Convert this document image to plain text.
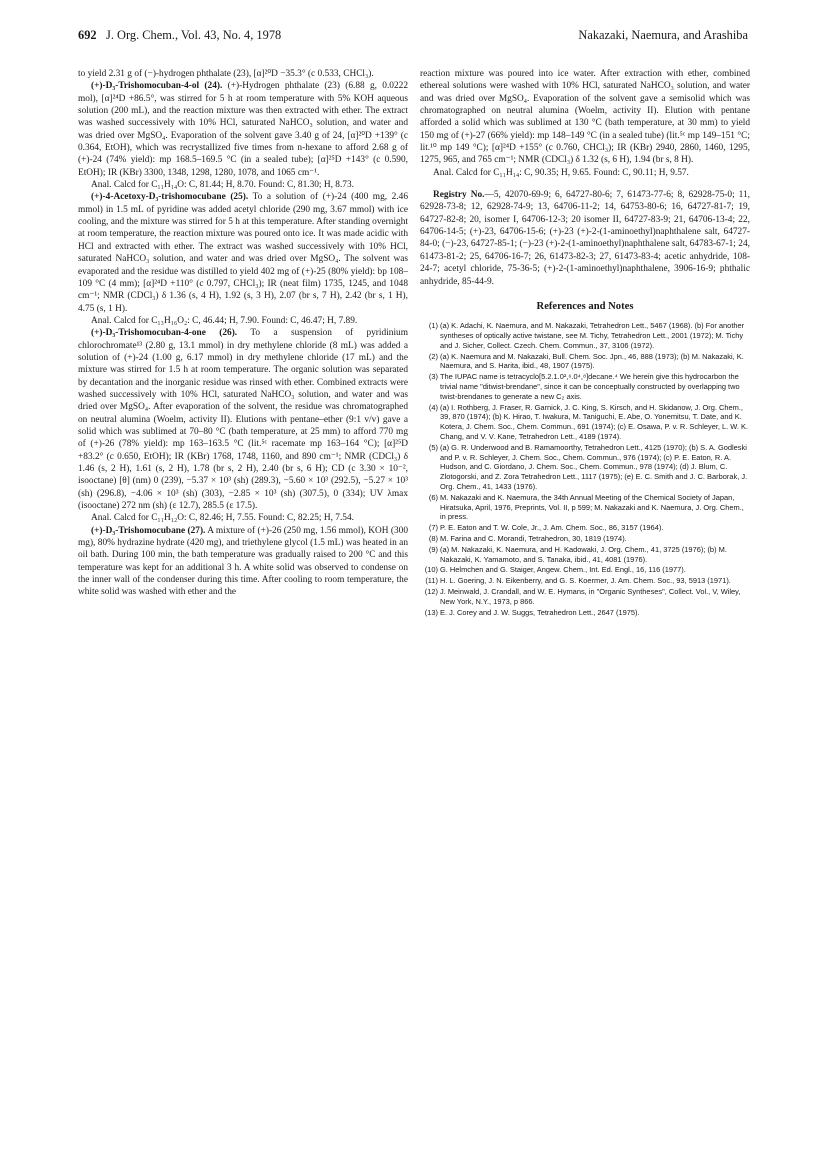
692 J. Org. Chem., Vol. 43, No. 4, 1978	Nakazaki, Naemura, and Arashiba

to yield 2.31 g of (−)-hydrogen phthalate (23), [α]²⁰D −35.3° (c 0.533, CHCl₃).

(+)-D₃-Trishomocuban-4-ol (24). (+)-Hydrogen phthalate (23) (6.88 g, 0.0222 mol), [α]²⁴D +86.5°, was stirred for 5 h at room temperature with 5% KOH aqueous solution (200 mL), and the reaction mixture was then extracted with ether. The extract was washed successively with 10% HCl, saturated NaHCO₃ solution, and water and was dried over MgSO₄. Evaporation of the solvent gave 3.40 g of 24, [α]²⁰D +139° (c 0.364, EtOH), which was recrystallized five times from n-hexane to afford 2.68 g of (+)-24 (74% yield): mp 168.5–169.5 °C (in a sealed tube); [α]²⁵D +143° (c 0.590, EtOH); IR (KBr) 3300, 1348, 1298, 1280, 1078, and 1065 cm⁻¹.

Anal. Calcd for C₁₁H₁₄O: C, 81.44; H, 8.70. Found: C, 81.30; H, 8.73.

(+)-4-Acetoxy-D₃-trishomocubane (25). To a solution of (+)-24 (400 mg, 2.46 mmol) in 1.5 mL of pyridine was added acetyl chloride (290 mg, 3.67 mmol) with ice cooling, and the mixture was stirred for 5 h at this temperature. After standing overnight at room temperature, the reaction mixture was poured onto ice. It was made acidic with HCl and extracted with ether. The extract was washed successively with 10% HCl, saturated NaHCO₃ solution, and water and was dried over MgSO₄. The solvent was evaporated and the residue was distilled to yield 402 mg of (+)-25 (80% yield): bp 108–109 °C (4 mm); [α]²⁴D +110° (c 0.797, CHCl₃); IR (neat film) 1735, 1245, and 1048 cm⁻¹; NMR (CDCl₃) δ 1.36 (s, 4 H), 1.92 (s, 3 H), 2.07 (br s, 7 H), 2.42 (br s, 1 H), 4.75 (s, 1 H).

Anal. Calcd for C₁₃H₁₆O₂: C, 46.44; H, 7.90. Found: C, 46.47; H, 7.89.

(+)-D₃-Trishomocuban-4-one (26). To a suspension of pyridinium chlorochromate¹³ (2.80 g, 13.1 mmol) in dry methylene chloride (8 mL) was added a solution of (+)-24 (1.00 g, 6.17 mmol) in dry methylene chloride (17 mL) and the mixture was stirred for 1.5 h at room temperature. The organic solution was separated by decantation and the inorganic residue was rinsed with ether. Combined extracts were washed successively with 10% HCl, saturated NaHCO₃ solution, and water and was dried over MgSO₄. After evaporation of the solvent, the residue was chromatographed on neutral alumina (Woelm, activity II). Elutions with pentane–ether (9:1 v/v) gave a solid which was sublimed at 70–80 °C (bath temperature, at 25 mm) to afford 770 mg of (+)-26 (78% yield): mp 163–163.5 °C (lit.⁵ᶜ racemate mp 163–164 °C); [α]²⁵D +83.2° (c 0.650, EtOH); IR (KBr) 1768, 1748, 1160, and 890 cm⁻¹; NMR (CDCl₃) δ 1.46 (s, 2 H), 1.61 (s, 2 H), 1.78 (br s, 2 H), 2.40 (br s, 6 H); CD (c 3.30 × 10⁻², isooctane) [θ] (nm) 0 (239), −5.37 × 10³ (sh) (289.3), −5.60 × 10³ (292.5), −5.27 × 10³ (sh) (296.8), −4.06 × 10³ (sh) (303), −2.85 × 10³ (sh) (307.5), 0 (334); UV λmax (isooctane) 272 nm (sh) (ε 12.7), 285.5 (ε 17.5).

Anal. Calcd for C₁₁H₁₂O: C, 82.46; H, 7.55. Found: C, 82.25; H, 7.54.

(+)-D₃-Trishomocubane (27). A mixture of (+)-26 (250 mg, 1.56 mmol), KOH (300 mg), 80% hydrazine hydrate (420 mg), and triethylene glycol (1.5 mL) was heated in an oil bath. During 100 min, the bath temperature was gradually raised to 200 °C and this temperature was kept for an additional 3 h. A white solid was observed to condense on the inner wall of the condenser during this time. After cooling to room temperature, the white solid was washed with ether and the

reaction mixture was poured into ice water. After extraction with ether, combined ethereal solutions were washed with 10% HCl, saturated NaHCO₃ solution, and water and was dried over MgSO₄. Evaporation of the solvent gave a semisolid which was chromatographed on neutral alumina (Woelm, activity II). Elution with pentane afforded a solid which was sublimed at 130 °C (bath temperature, at 30 mm) to yield 150 mg of (+)-27 (66% yield): mp 148–149 °C (in a sealed tube) (lit.⁵ᶜ mp 149–151 °C; lit.¹⁰ mp 149 °C); [α]²⁴D +155° (c 0.760, CHCl₃); IR (KBr) 2940, 2860, 1460, 1295, 1275, 965, and 765 cm⁻¹; NMR (CDCl₃) δ 1.32 (s, 6 H), 1.94 (br s, 8 H).

Anal. Calcd for C₁₁H₁₄: C, 90.35; H, 9.65. Found: C, 90.11; H, 9.57.

Registry No.—5, 42070-69-9; 6, 64727-80-6; 7, 61473-77-6; 8, 62928-75-0; 11, 62928-73-8; 12, 62928-74-9; 13, 64706-11-2; 14, 64753-80-6; 16, 64727-81-7; 19, 64727-82-8; 20, isomer I, 64706-12-3; 20 isomer II, 64727-83-9; 21, 64706-13-4; 22, 64706-14-5; (+)-23, 64706-15-6; (+)-23 (+)-2-(1-aminoethyl)naphthalene salt, 64727-84-0; (−)-23, 64727-85-1; (−)-23 (+)-2-(1-aminoethyl)naphthalene salt, 64783-67-1; 24, 61473-81-2; 25, 64706-16-7; 26, 61473-82-3; 27, 61473-83-4; acetic anhydride, 108-24-7; acetyl chloride, 75-36-5; (+)-2-(1-aminoethyl)naphthalene, 3906-16-9; phthalic anhydride, 85-44-9.

References and Notes
(1) (a) K. Adachi, K. Naemura, and M. Nakazaki, Tetrahedron Lett., 5467 (1968). (b) For another syntheses of optically active twistane, see M. Tichy, Tetrahedron Lett., 2001 (1972); M. Tichy and J. Sicher, Collect. Czech. Chem. Commun., 37, 3106 (1972).
(2) (a) K. Naemura and M. Nakazaki, Bull. Chem. Soc. Jpn., 46, 888 (1973); (b) M. Nakazaki, K. Naemura, and S. Harita, ibid., 48, 1907 (1975).
(3) The IUPAC name is tetracyclo[5.2.1.0²,⁶.0⁴,⁸]decane.⁴ We herein give this hydrocarbon the trivial name "ditwist-brendane", since it can be conceptually constructed by overlapping two twist-brendanes to generate a new C₂ axis.
(4) (a) I. Rothberg, J. Fraser, R. Garnick, J. C. King, S. Kirsch, and H. Skidanow, J. Org. Chem., 39, 870 (1974); (b) K. Hirao, T. Iwakura, M. Taniguchi, E. Abe, O. Yonemitsu, T. Date, and K. Kotera, J. Chem. Soc., Chem. Commun., 691 (1974); (c) E. Osawa, P. v. R. Schleyer, L. W. K. Chang, and V. V. Kane, Tetrahedron Lett., 4189 (1974).
(5) (a) G. R. Underwood and B. Ramamoorthy, Tetrahedron Lett., 4125 (1970); (b) S. A. Godleski and P. v. R. Schleyer, J. Chem. Soc., Chem. Commun., 976 (1974); (c) P. E. Eaton, R. A. Hudson, and C. Giordano, J. Chem. Soc., Chem. Commun., 978 (1974); (d) J. Blum, C. Zlotogorski, and Z. Zora Tetrahedron Lett., 1117 (1975); (e) E. C. Smith and J. C. Barborak, J. Org. Chem., 41, 1433 (1976).
(6) M. Nakazaki and K. Naemura, the 34th Annual Meeting of the Chemical Society of Japan, Hiratsuka, April, 1976, Preprints, Vol. II, p 599; M. Nakazaki and K. Naemura, J. Org. Chem., in press.
(7) P. E. Eaton and T. W. Cole, Jr., J. Am. Chem. Soc., 86, 3157 (1964).
(8) M. Farina and C. Morandi, Tetrahedron, 30, 1819 (1974).
(9) (a) M. Nakazaki, K. Naemura, and H. Kadowaki, J. Org. Chem., 41, 3725 (1976); (b) M. Nakazaki, K. Yamamoto, and S. Tanaka, ibid., 41, 4081 (1976).
(10) G. Helmchen and G. Staiger, Angew. Chem., Int. Ed. Engl., 16, 116 (1977).
(11) H. L. Goering, J. N. Eikenberry, and G. S. Koermer, J. Am. Chem. Soc., 93, 5913 (1971).
(12) J. Meinwald, J. Crandall, and W. E. Hymans, in "Organic Syntheses", Collect. Vol., V, Wiley, New York, N.Y., 1973, p 866.
(13) E. J. Corey and J. W. Suggs, Tetrahedron Lett., 2647 (1975).
